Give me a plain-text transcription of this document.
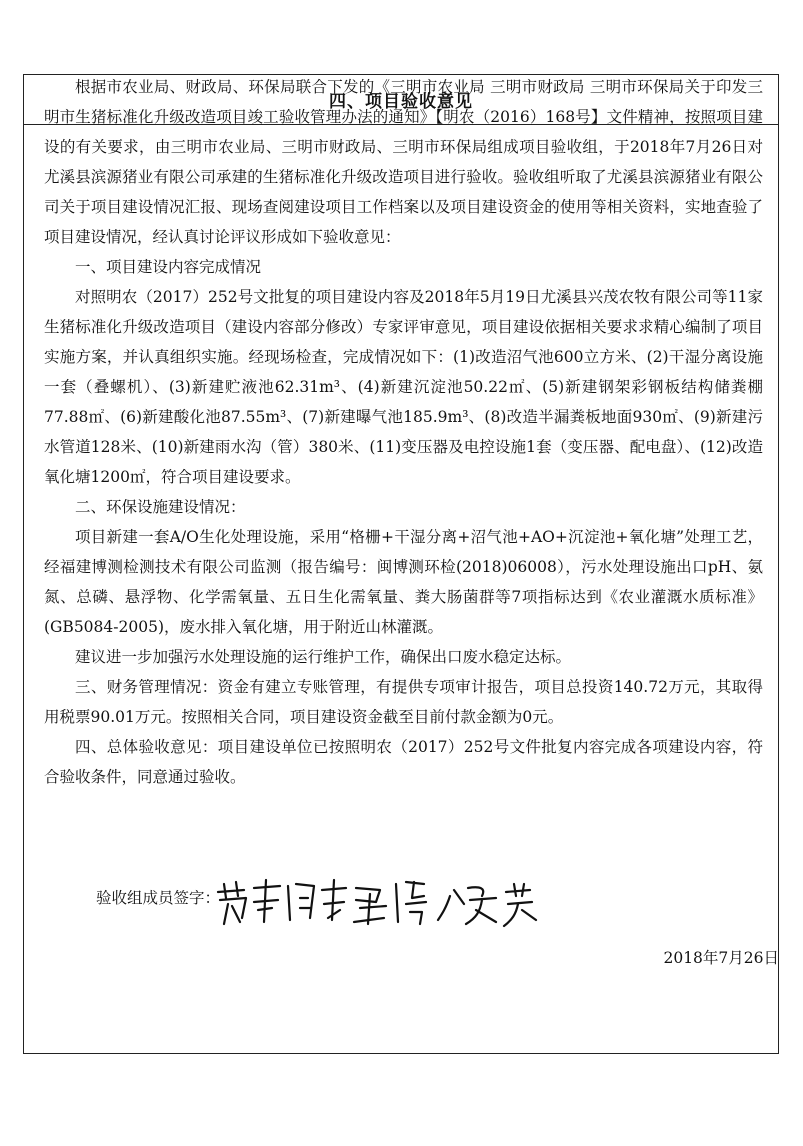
四、项目验收意见

根据市农业局、财政局、环保局联合下发的《三明市农业局 三明市财政局 三明市环保局关于印发三明市生猪标准化升级改造项目竣工验收管理办法的通知》【明农（2016）168号】文件精神，按照项目建设的有关要求，由三明市农业局、三明市财政局、三明市环保局组成项目验收组，于2018年7月26日对尤溪县滨源猪业有限公司承建的生猪标准化升级改造项目进行验收。验收组听取了尤溪县滨源猪业有限公司关于项目建设情况汇报、现场查阅建设项目工作档案以及项目建设资金的使用等相关资料，实地查验了项目建设情况，经认真讨论评议形成如下验收意见：

一、项目建设内容完成情况

对照明农（2017）252号文批复的项目建设内容及2018年5月19日尤溪县兴茂农牧有限公司等11家生猪标准化升级改造项目（建设内容部分修改）专家评审意见，项目建设依据相关要求求精心编制了项目实施方案，并认真组织实施。经现场检查，完成情况如下：(1)改造沼气池600立方米、(2)干湿分离设施一套（叠螺机）、(3)新建贮液池62.31m³、(4)新建沉淀池50.22㎡、(5)新建钢架彩钢板结构储粪棚77.88㎡、(6)新建酸化池87.55m³、(7)新建曝气池185.9m³、(8)改造半漏粪板地面930㎡、(9)新建污水管道128米、(10)新建雨水沟（管）380米、(11)变压器及电控设施1套（变压器、配电盘）、(12)改造氧化塘1200㎡，符合项目建设要求。

二、环保设施建设情况：

项目新建一套A/O生化处理设施，采用“格栅+干湿分离+沼气池+AO+沉淀池+氧化塘”处理工艺，经福建博测检测技术有限公司监测（报告编号：闽博测环检(2018)06008），污水处理设施出口pH、氨氮、总磷、悬浮物、化学需氧量、五日生化需氧量、粪大肠菌群等7项指标达到《农业灌溉水质标准》(GB5084-2005)，废水排入氧化塘，用于附近山林灌溉。

建议进一步加强污水处理设施的运行维护工作，确保出口废水稳定达标。

三、财务管理情况：资金有建立专账管理，有提供专项审计报告，项目总投资140.72万元，其取得用税票90.01万元。按照相关合同，项目建设资金截至目前付款金额为0元。

四、总体验收意见：项目建设单位已按照明农（2017）252号文件批复内容完成各项建设内容，符合验收条件，同意通过验收。

验收组成员签字：
2018年7月26日
